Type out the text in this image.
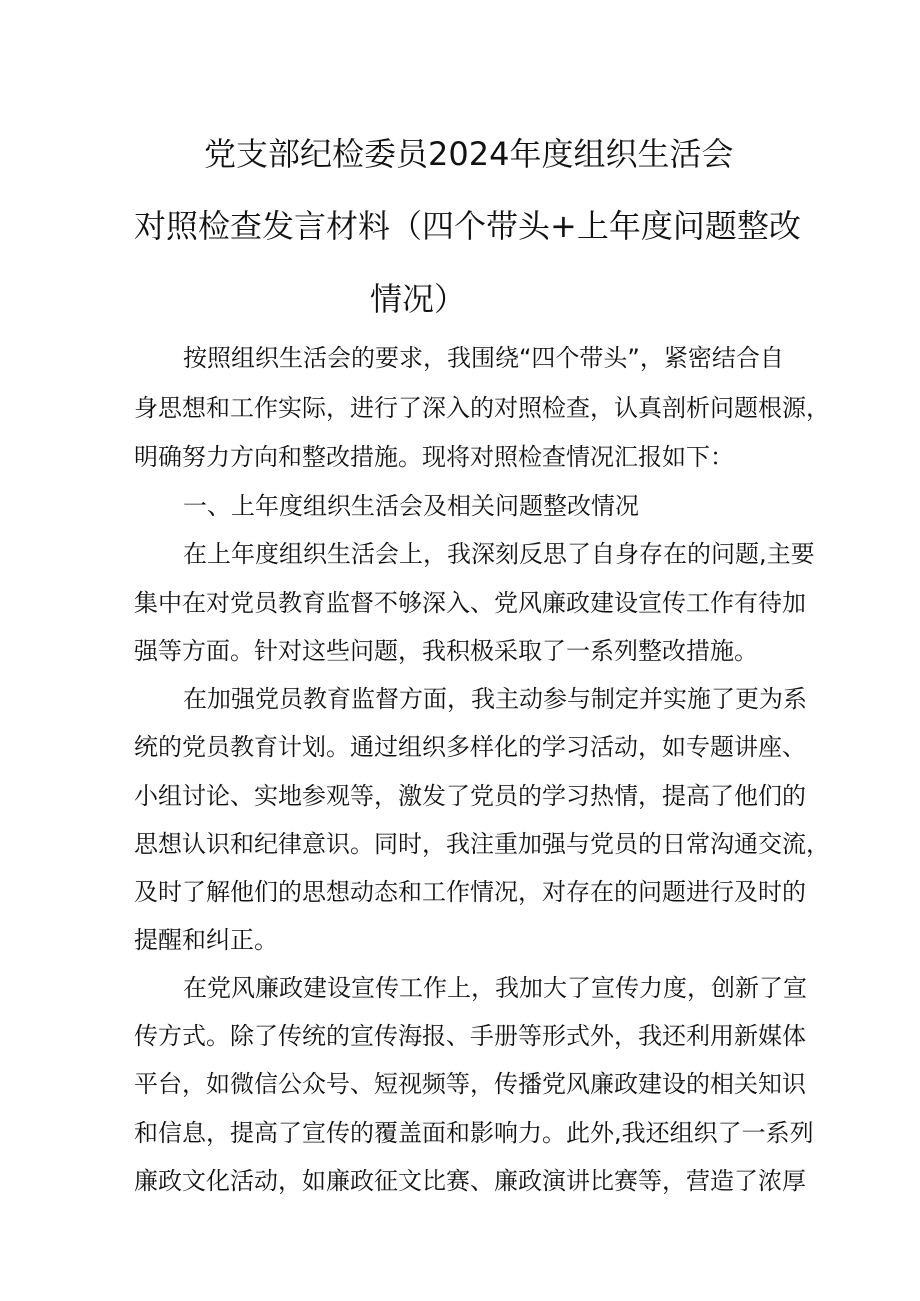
党支部纪检委员2024年度组织生活会
对照检查发言材料（四个带头+上年度问题整改
情况）
按照组织生活会的要求，我围绕“四个带头”，紧密结合自
身思想和工作实际，进行了深入的对照检查，认真剖析问题根源，
明确努力方向和整改措施。现将对照检查情况汇报如下：
一、上年度组织生活会及相关问题整改情况
在上年度组织生活会上，我深刻反思了自身存在的问题,主要
集中在对党员教育监督不够深入、党风廉政建设宣传工作有待加
强等方面。针对这些问题，我积极采取了一系列整改措施。
在加强党员教育监督方面，我主动参与制定并实施了更为系
统的党员教育计划。通过组织多样化的学习活动，如专题讲座、
小组讨论、实地参观等，激发了党员的学习热情，提高了他们的
思想认识和纪律意识。同时，我注重加强与党员的日常沟通交流，
及时了解他们的思想动态和工作情况，对存在的问题进行及时的
提醒和纠正。
在党风廉政建设宣传工作上，我加大了宣传力度，创新了宣
传方式。除了传统的宣传海报、手册等形式外，我还利用新媒体
平台，如微信公众号、短视频等，传播党风廉政建设的相关知识
和信息，提高了宣传的覆盖面和影响力。此外,我还组织了一系列
廉政文化活动，如廉政征文比赛、廉政演讲比赛等，营造了浓厚
